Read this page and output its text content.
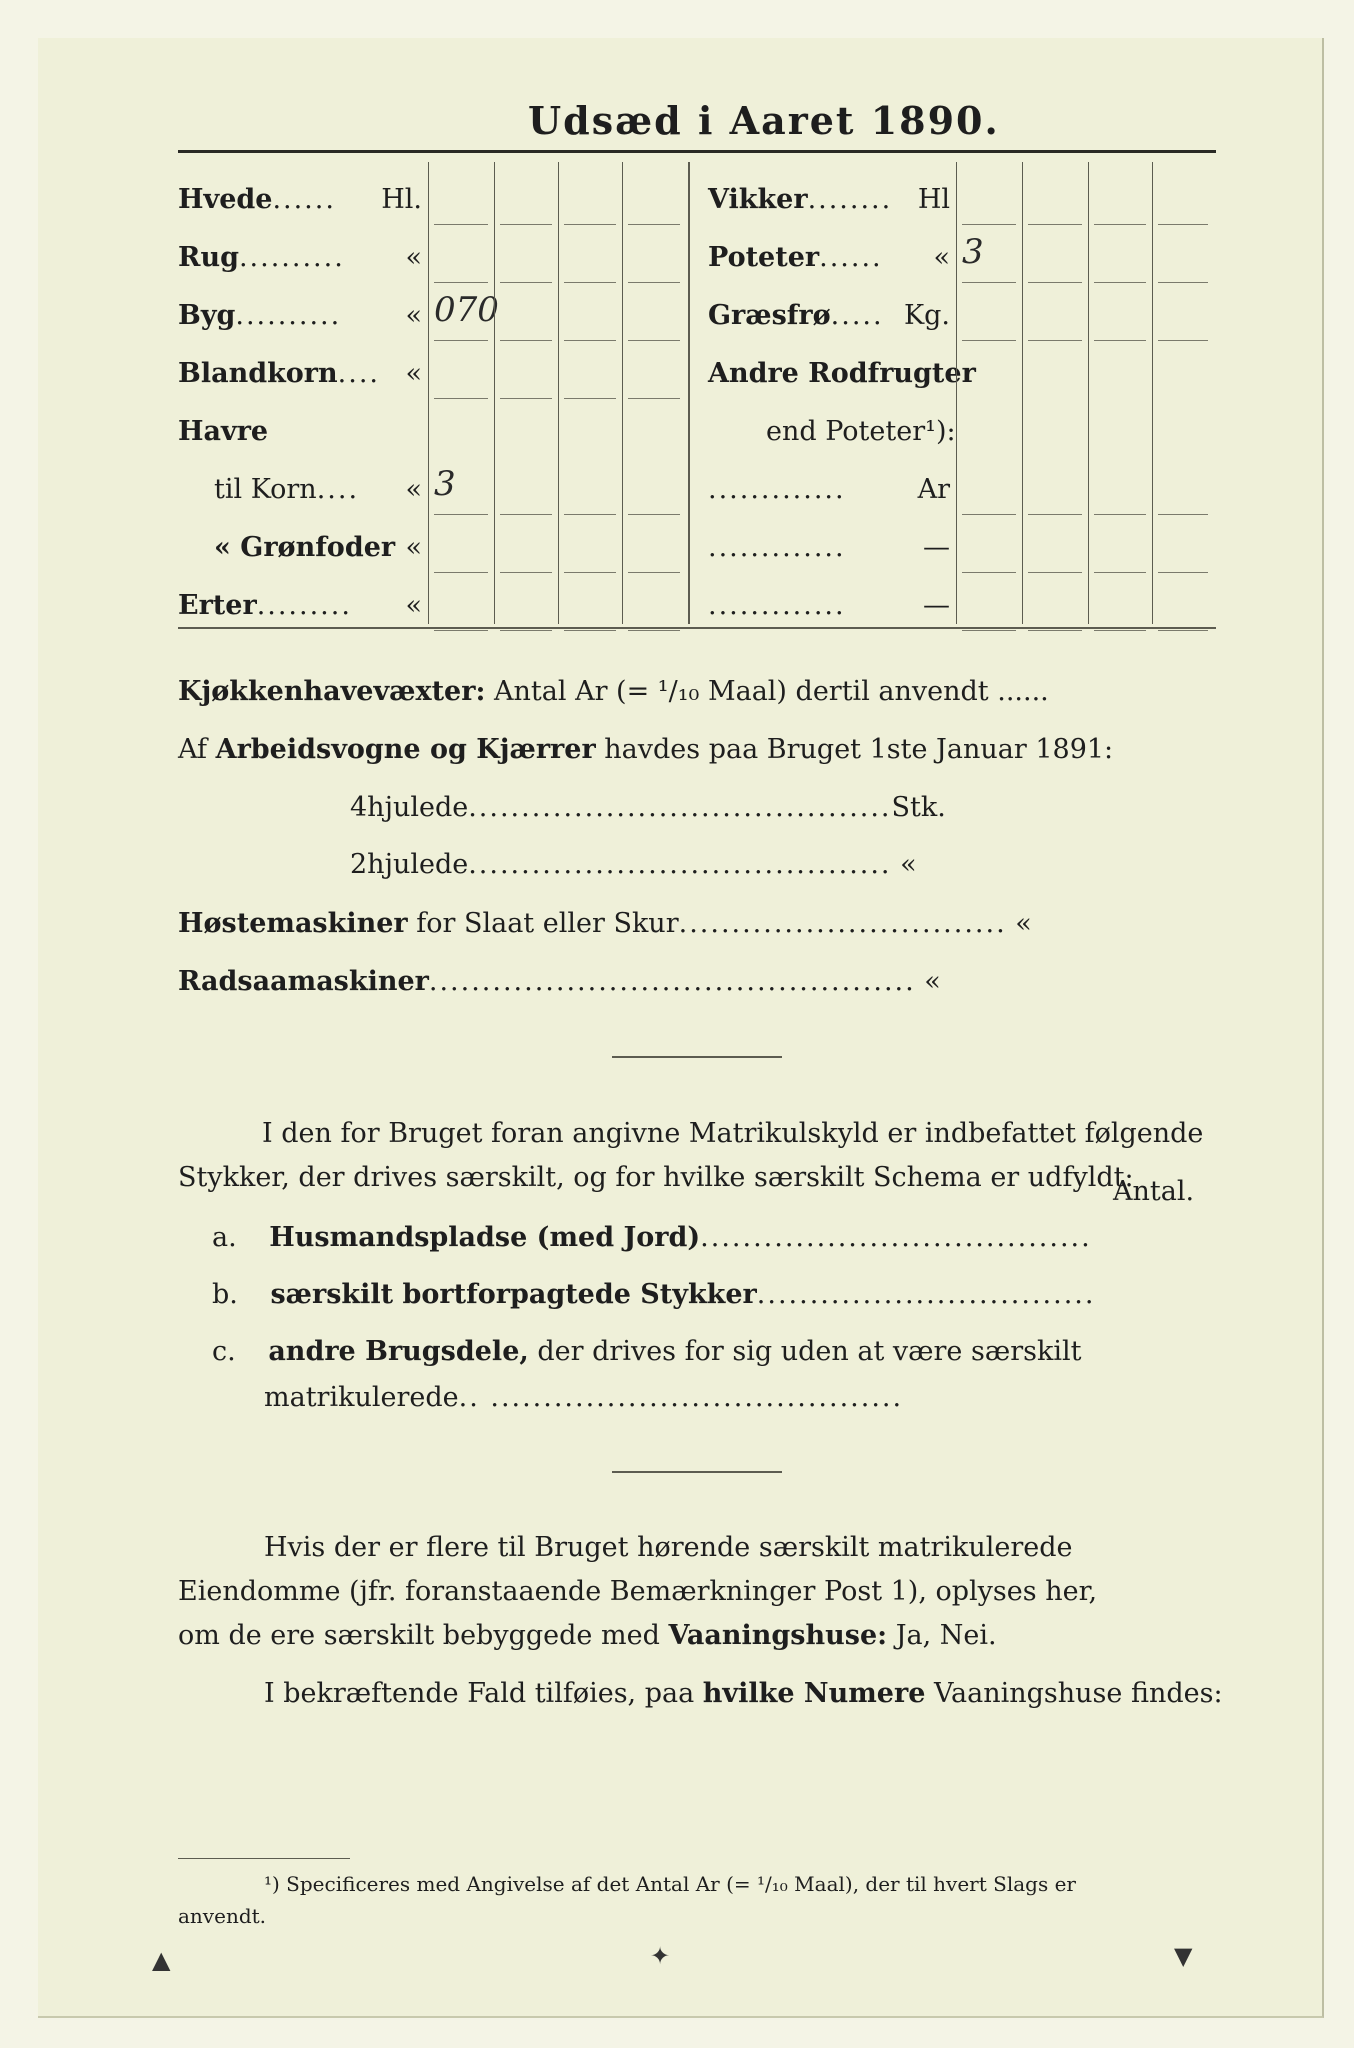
Udsæd i Aaret 1890.
Hvede ......	Hl.
Rug ..........	«
Byg ..........	« 070
Blandkorn .... «
Havre
til Korn ....	« 3
« Grønfoder «
Erter .........	«
Vikker ........ Hl
Poteter ......	« 3
Græsfrø ..... Kg.
Andre Rodfrugter
end Poteter¹):
.............	Ar
.............	—
.............	—
Kjøkkenhavevæxter: Antal Ar (= ¹/₁₀ Maal) dertil anvendt ......
Af Arbeidsvogne og Kjærrer havdes paa Bruget 1ste Januar 1891:
4hjulede........................................Stk.
2hjulede........................................ «
Høstemaskiner for Slaat eller Skur............................... «
Radsaamaskiner.............................................. «
I den for Bruget foran angivne Matrikulskyld er indbefattet følgende
Stykker, der drives særskilt, og for hvilke særskilt Schema er udfyldt:
Antal.
a. Husmandspladse (med Jord).....................................
b. særskilt bortforpagtede Stykker................................
c. andre Brugsdele, der drives for sig uden at være særskilt
matrikulerede.. .......................................
Hvis der er flere til Bruget hørende særskilt matrikulerede
Eiendomme (jfr. foranstaaende Bemærkninger Post 1), oplyses her,
om de ere særskilt bebyggede med Vaaningshuse: Ja, Nei.
I bekræftende Fald tilføies, paa hvilke Numere Vaaningshuse findes:
¹) Specificeres med Angivelse af det Antal Ar (= ¹/₁₀ Maal), der til hvert Slags er
anvendt.
▲	✦	▼
